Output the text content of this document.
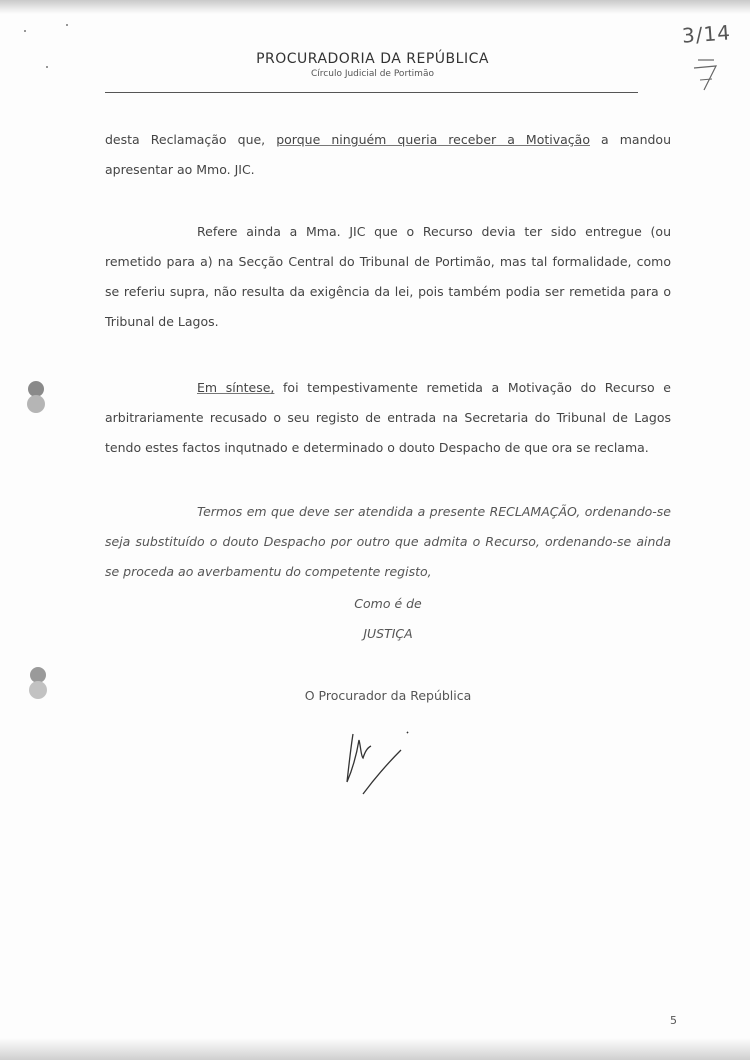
PROCURADORIA DA REPÚBLICA
Círculo Judicial de Portimão
3/14

desta Reclamação que, porque ninguém queria receber a Motivação a mandou apresentar ao Mmo. JIC.

Refere ainda a Mma. JIC que o Recurso devia ter sido entregue (ou remetido para a) na Secção Central do Tribunal de Portimão, mas tal formalidade, como se referiu supra, não resulta da exigência da lei, pois também podia ser remetida para o Tribunal de Lagos.

Em síntese, foi tempestivamente remetida a Motivação do Recurso e arbitrariamente recusado o seu registo de entrada na Secretaria do Tribunal de Lagos tendo estes factos inqutnado e determinado o douto Despacho de que ora se reclama.

Termos em que deve ser atendida a presente RECLAMAÇÃO, ordenando-se seja substituído o douto Despacho por outro que admita o Recurso, ordenando-se ainda se proceda ao averbamentu do competente registo,

Como é de
JUSTIÇA
O Procurador da República
5
